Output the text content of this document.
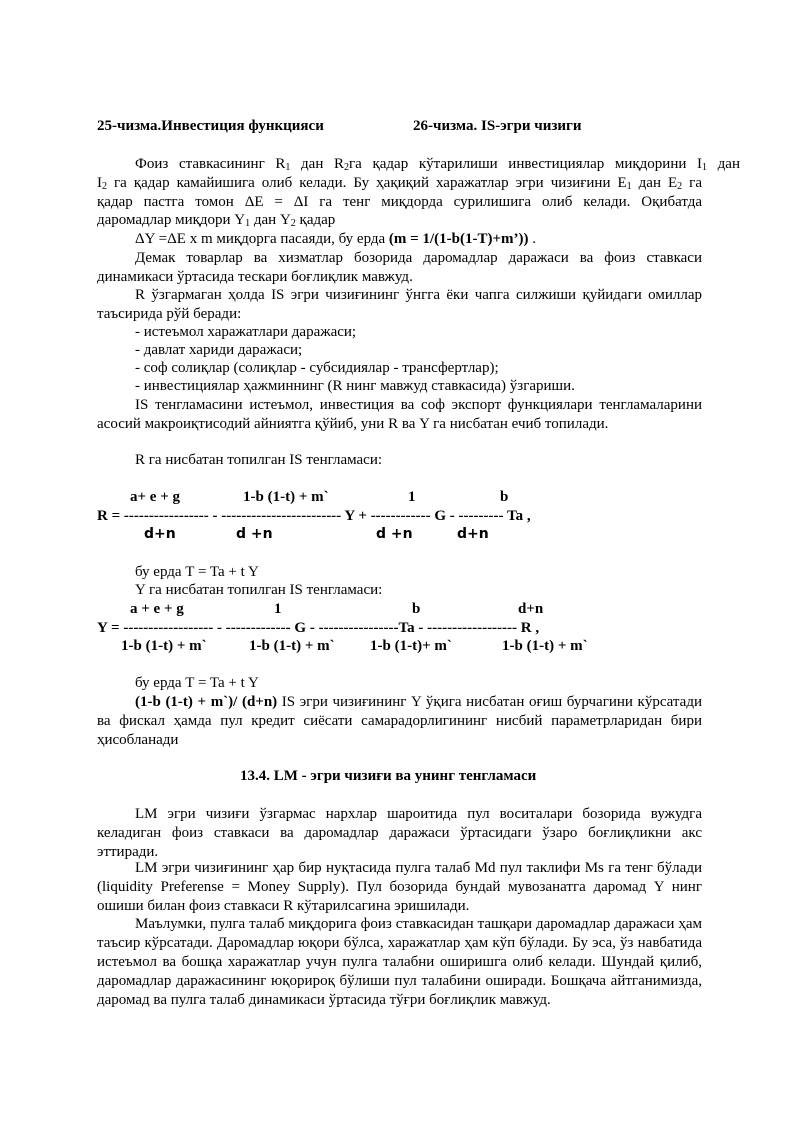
25-чизма.Инвестиция функцияси	26-чизма. IS-эгри чизиги
Фоиз ставкасининг $R_1$ дан $R_2га$ қадар кўтарилиши инвестициялар миқдорини $I_1$ дан
$I_2$ га қадар камайишига олиб келади. Бу ҳақиқий харажатлар эгри чизиғини $E_1$ дан $E_2$ га
қадар пастга томон ΔE = ΔI га тенг миқдорда сурилишига олиб келади. Оқибатда
даромадлар миқдори $Y_1$ дан $Y_2$ қадар
ΔY =ΔE x m миқдорга пасаяди, бу ерда (m = 1/(1-b(1-T)+m’)) .
Демак товарлар ва хизматлар бозорида даромадлар даражаси ва фоиз ставкаси динамикаси ўртасида тескари боғлиқлик мавжуд.
R ўзгармаган ҳолда IS эгри чизиғининг ўнгга ёки чапга силжиши қуйидаги омиллар таъсирида рўй беради:
- истеъмол харажатлари даражаси;
- давлат хариди даражаси;
- соф солиқлар (солиқлар - субсидиялар - трансфертлар);
- инвестициялар ҳажминнинг (R нинг мавжуд ставкасида) ўзгариши.
IS тенгламасини истеъмол, инвестиция ва соф экспорт функциялари тенгламаларини асосий макроиқтисодий айниятга қўйиб, уни R ва Y га нисбатан ечиб топилади.
R га нисбатан топилган IS тенгламаси:
a+ e + g	1-b (1-t) + m`	1	b
R = ----------------- - ------------------------ Y + ------------ G - --------- Ta ,
d+n	d +n	d +n	d+n
бу ерда T = Ta + t Y
Y га нисбатан топилган IS тенгламаси:
a + e + g	1	b	d+n
Y = ------------------ - ------------- G - ----------------Ta - ------------------ R ,
1-b (1-t) + m`	1-b (1-t) + m` 1-b (1-t)+ m`	1-b (1-t) + m`
бу ерда T = Ta + t Y
(1-b (1-t) + m`)/ (d+n) IS эгри чизиғининг Y ўқига нисбатан оғиш бурчагини кўрсатади ва фискал ҳамда пул кредит сиёсати самарадорлигининг нисбий параметрларидан бири ҳисобланади
13.4. LM - эгри чизиғи ва унинг тенгламаси
LM эгри чизиғи ўзгармас нархлар шароитида пул воситалари бозорида вужудга келадиган фоиз ставкаси ва даромадлар даражаси ўртасидаги ўзаро боғлиқликни акс эттиради.
LM эгри чизиғининг ҳар бир нуқтасида пулга талаб Md пул таклифи Ms га тенг бўлади (liquidity Preferense = Money Supply). Пул бозорида бундай мувозанатга даромад Y нинг ошиши билан фоиз ставкаси R кўтарилсагина эришилади.
Маълумки, пулга талаб миқдорига фоиз ставкасидан ташқари даромадлар даражаси ҳам таъсир кўрсатади. Даромадлар юқори бўлса, харажатлар ҳам кўп бўлади. Бу эса, ўз навбатида истеъмол ва бошқа харажатлар учун пулга талабни оширишга олиб келади. Шундай қилиб, даромадлар даражасининг юқорироқ бўлиши пул талабини оширади. Бошқача айтганимизда, даромад ва пулга талаб динамикаси ўртасида тўғри боғлиқлик мавжуд.
